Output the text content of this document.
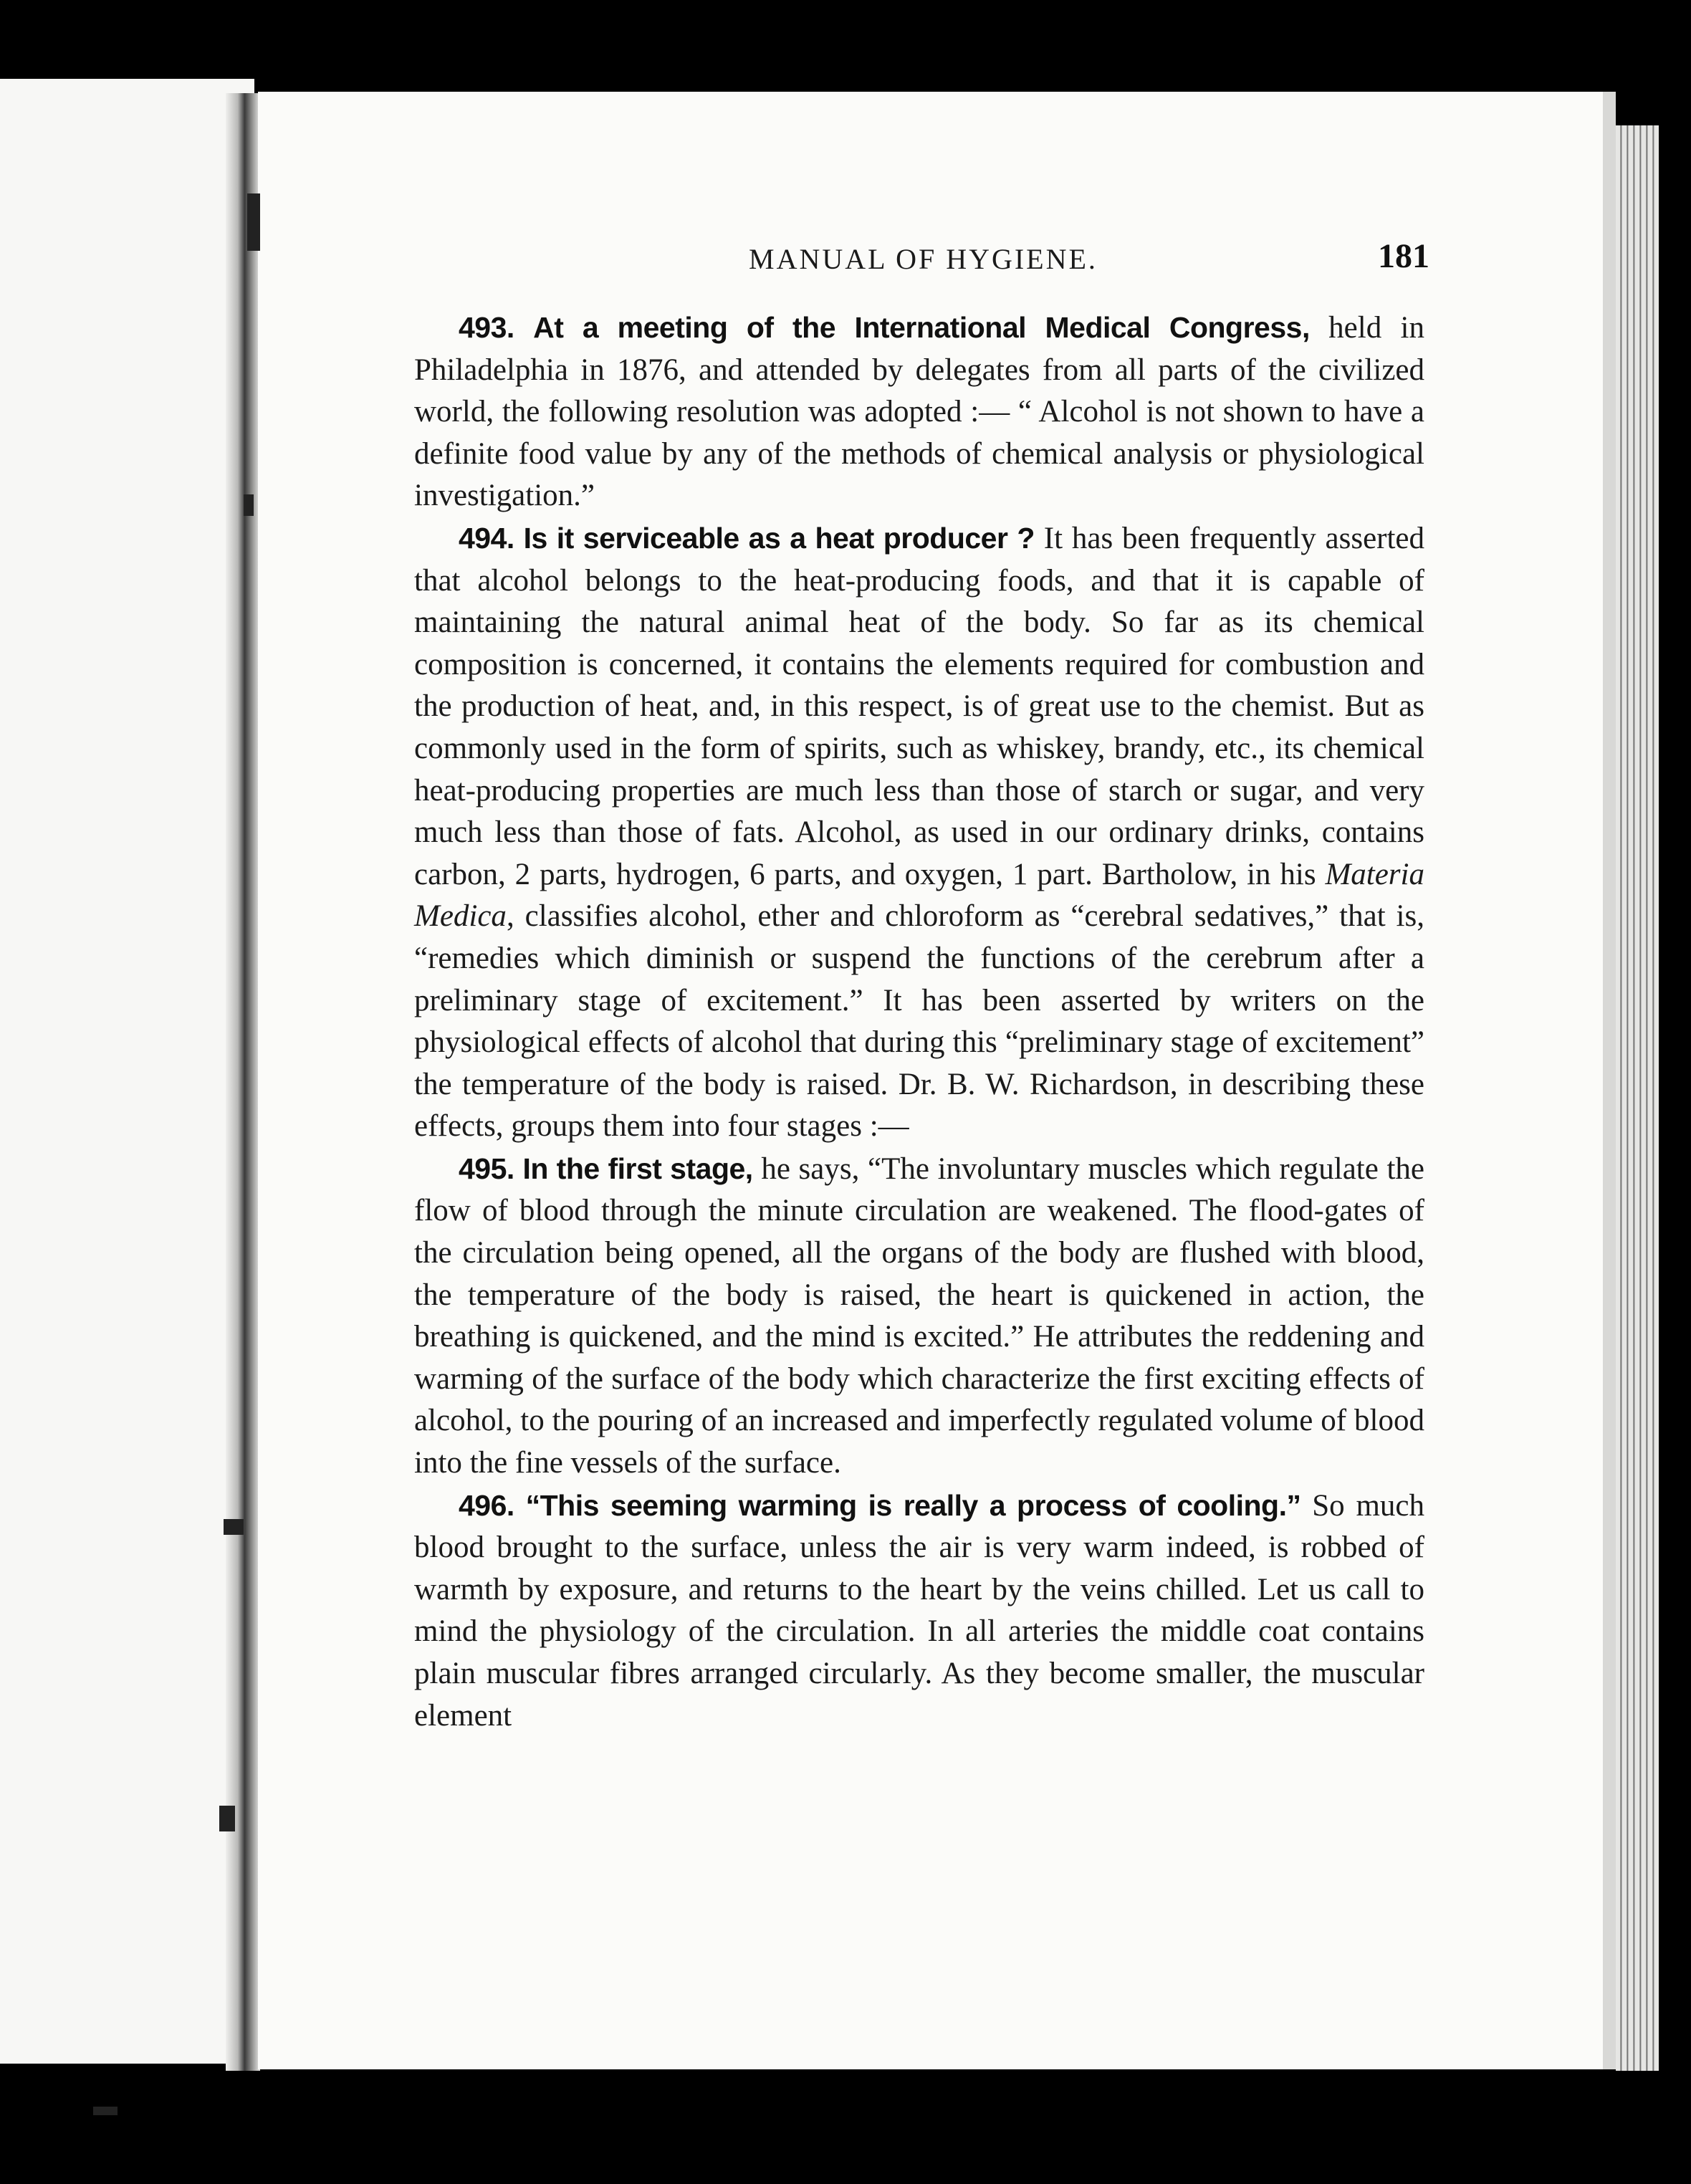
MANUAL OF HYGIENE.	181

493. At a meeting of the International Medical Congress, held in Philadelphia in 1876, and attended by delegates from all parts of the civilized world, the following resolution was adopted :— “ Alcohol is not shown to have a definite food value by any of the methods of chemical analysis or physiological investigation.”

494. Is it serviceable as a heat producer ? It has been frequently asserted that alcohol belongs to the heat-producing foods, and that it is capable of maintaining the natural animal heat of the body. So far as its chemical composition is concerned, it contains the elements required for combustion and the production of heat, and, in this respect, is of great use to the chemist. But as commonly used in the form of spirits, such as whiskey, brandy, etc., its chemical heat-producing properties are much less than those of starch or sugar, and very much less than those of fats. Alcohol, as used in our ordinary drinks, contains carbon, 2 parts, hydrogen, 6 parts, and oxygen, 1 part. Bartholow, in his Materia Medica, classifies alcohol, ether and chloroform as “cerebral sedatives,” that is, “remedies which diminish or suspend the functions of the cerebrum after a preliminary stage of excitement.” It has been asserted by writers on the physiological effects of alcohol that during this “preliminary stage of excitement” the temperature of the body is raised. Dr. B. W. Richardson, in describing these effects, groups them into four stages :—

495. In the first stage, he says, “The involuntary muscles which regulate the flow of blood through the minute circulation are weakened. The flood-gates of the circulation being opened, all the organs of the body are flushed with blood, the temperature of the body is raised, the heart is quickened in action, the breathing is quickened, and the mind is excited.” He attributes the reddening and warming of the surface of the body which characterize the first exciting effects of alcohol, to the pouring of an increased and imperfectly regulated volume of blood into the fine vessels of the surface.

496. “This seeming warming is really a process of cooling.” So much blood brought to the surface, unless the air is very warm indeed, is robbed of warmth by exposure, and returns to the heart by the veins chilled. Let us call to mind the physiology of the circulation. In all arteries the middle coat contains plain muscular fibres arranged circularly. As they become smaller, the muscular element
